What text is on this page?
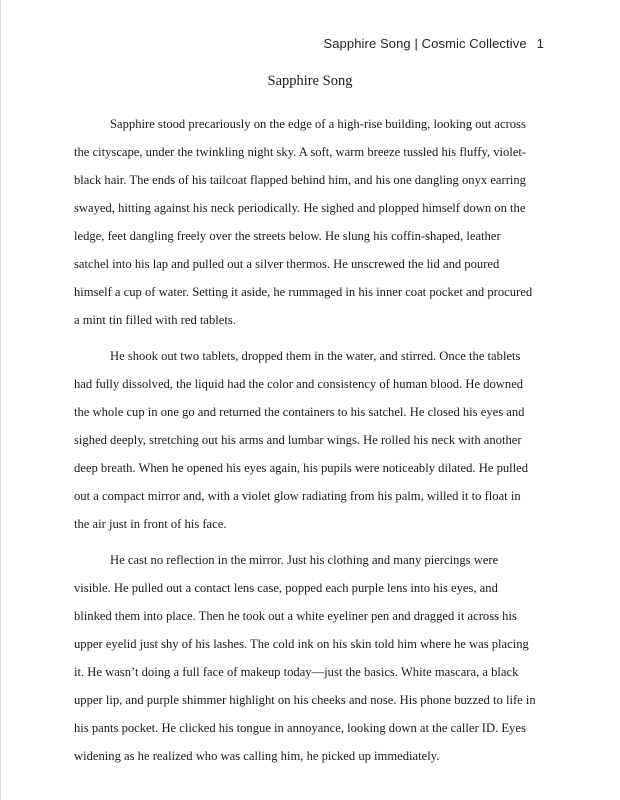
Sapphire Song | Cosmic Collective 1
Sapphire Song

Sapphire stood precariously on the edge of a high-rise building, looking out across the cityscape, under the twinkling night sky. A soft, warm breeze tussled his fluffy, violet-black hair. The ends of his tailcoat flapped behind him, and his one dangling onyx earring swayed, hitting against his neck periodically. He sighed and plopped himself down on the ledge, feet dangling freely over the streets below. He slung his coffin-shaped, leather satchel into his lap and pulled out a silver thermos. He unscrewed the lid and poured himself a cup of water. Setting it aside, he rummaged in his inner coat pocket and procured a mint tin filled with red tablets.

He shook out two tablets, dropped them in the water, and stirred. Once the tablets had fully dissolved, the liquid had the color and consistency of human blood. He downed the whole cup in one go and returned the containers to his satchel. He closed his eyes and sighed deeply, stretching out his arms and lumbar wings. He rolled his neck with another deep breath. When he opened his eyes again, his pupils were noticeably dilated. He pulled out a compact mirror and, with a violet glow radiating from his palm, willed it to float in the air just in front of his face.

He cast no reflection in the mirror. Just his clothing and many piercings were visible. He pulled out a contact lens case, popped each purple lens into his eyes, and blinked them into place. Then he took out a white eyeliner pen and dragged it across his upper eyelid just shy of his lashes. The cold ink on his skin told him where he was placing it. He wasn’t doing a full face of makeup today—just the basics. White mascara, a black upper lip, and purple shimmer highlight on his cheeks and nose. His phone buzzed to life in his pants pocket. He clicked his tongue in annoyance, looking down at the caller ID. Eyes widening as he realized who was calling him, he picked up immediately.
